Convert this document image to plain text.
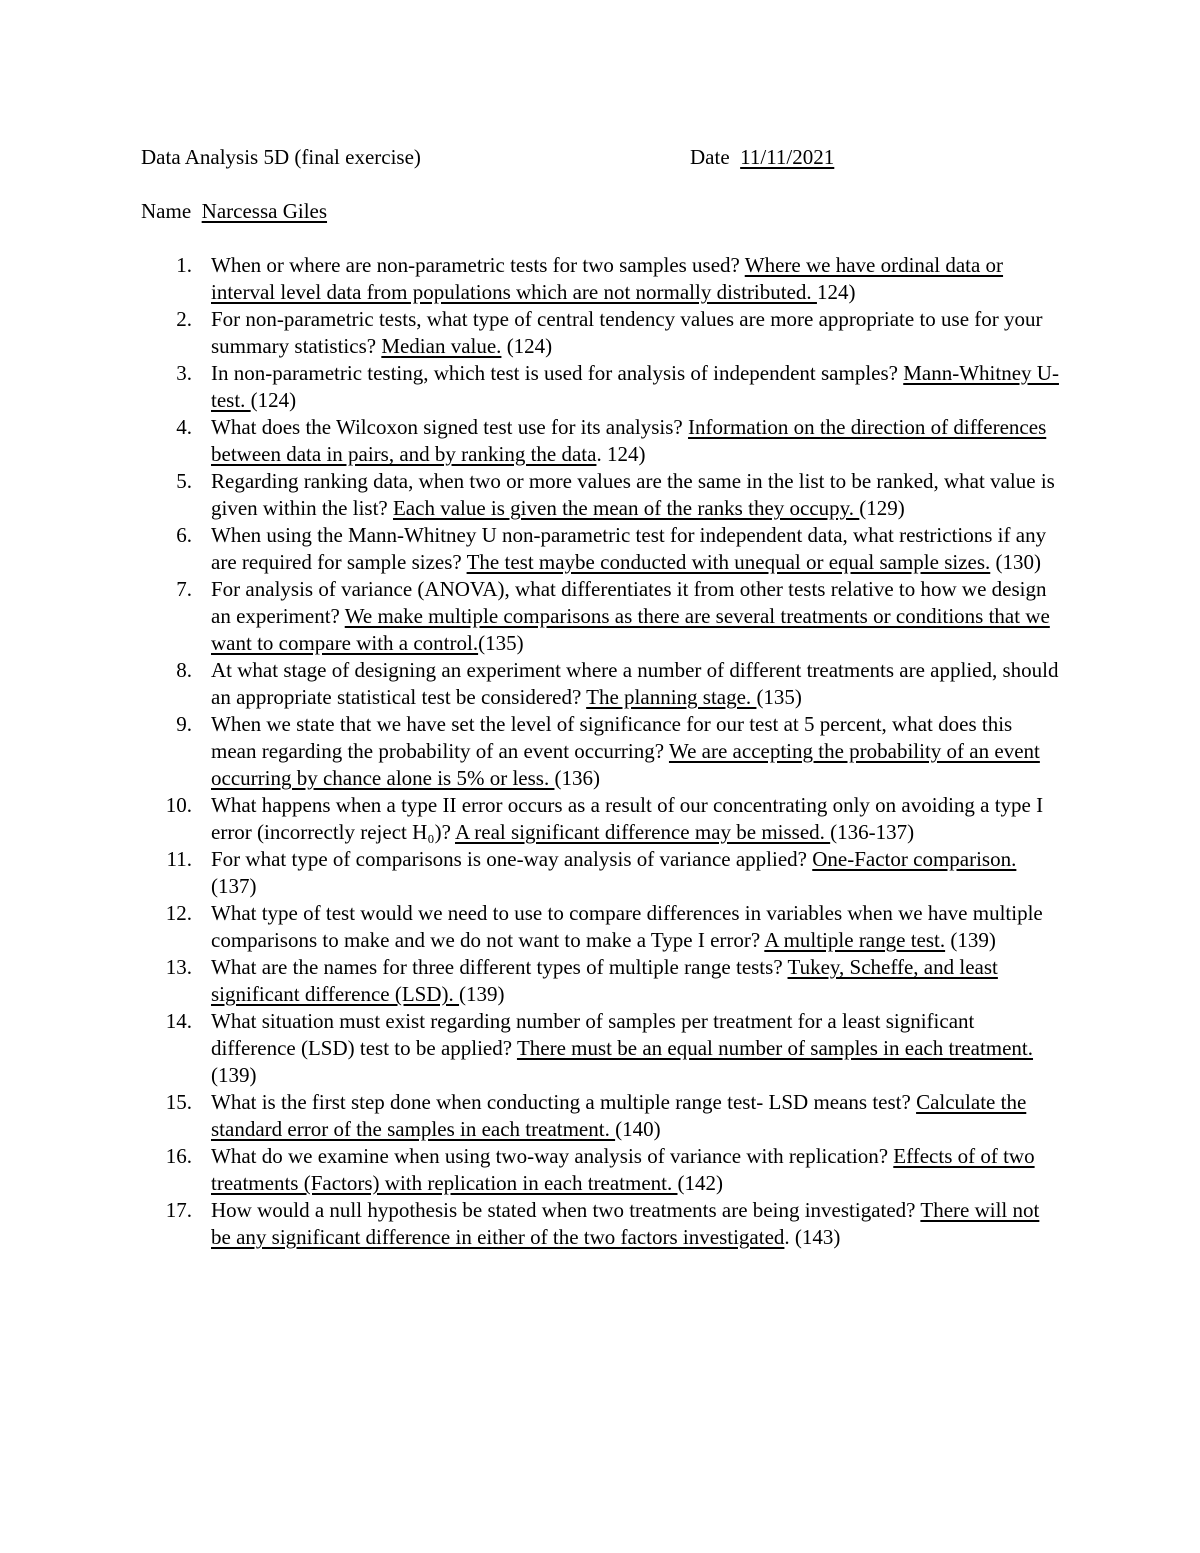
Data Analysis 5D (final exercise)	Date 11/11/2021
Name Narcessa Giles
1. When or where are non-parametric tests for two samples used? Where we have ordinal data or interval level data from populations which are not normally distributed. 124)
2. For non-parametric tests, what type of central tendency values are more appropriate to use for your summary statistics? Median value. (124)
3. In non-parametric testing, which test is used for analysis of independent samples? Mann-Whitney U-test. (124)
4. What does the Wilcoxon signed test use for its analysis? Information on the direction of differences between data in pairs, and by ranking the data. 124)
5. Regarding ranking data, when two or more values are the same in the list to be ranked, what value is given within the list? Each value is given the mean of the ranks they occupy. (129)
6. When using the Mann-Whitney U non-parametric test for independent data, what restrictions if any are required for sample sizes? The test maybe conducted with unequal or equal sample sizes. (130)
7. For analysis of variance (ANOVA), what differentiates it from other tests relative to how we design an experiment? We make multiple comparisons as there are several treatments or conditions that we want to compare with a control.(135)
8. At what stage of designing an experiment where a number of different treatments are applied, should an appropriate statistical test be considered? The planning stage. (135)
9. When we state that we have set the level of significance for our test at 5 percent, what does this mean regarding the probability of an event occurring? We are accepting the probability of an event occurring by chance alone is 5% or less. (136)
10. What happens when a type II error occurs as a result of our concentrating only on avoiding a type I error (incorrectly reject H₀)? A real significant difference may be missed. (136-137)
11. For what type of comparisons is one-way analysis of variance applied? One-Factor comparison. (137)
12. What type of test would we need to use to compare differences in variables when we have multiple comparisons to make and we do not want to make a Type I error? A multiple range test. (139)
13. What are the names for three different types of multiple range tests? Tukey, Scheffe, and least significant difference (LSD). (139)
14. What situation must exist regarding number of samples per treatment for a least significant difference (LSD) test to be applied? There must be an equal number of samples in each treatment. (139)
15. What is the first step done when conducting a multiple range test- LSD means test? Calculate the standard error of the samples in each treatment. (140)
16. What do we examine when using two-way analysis of variance with replication? Effects of of two treatments (Factors) with replication in each treatment. (142)
17. How would a null hypothesis be stated when two treatments are being investigated? There will not be any significant difference in either of the two factors investigated. (143)
